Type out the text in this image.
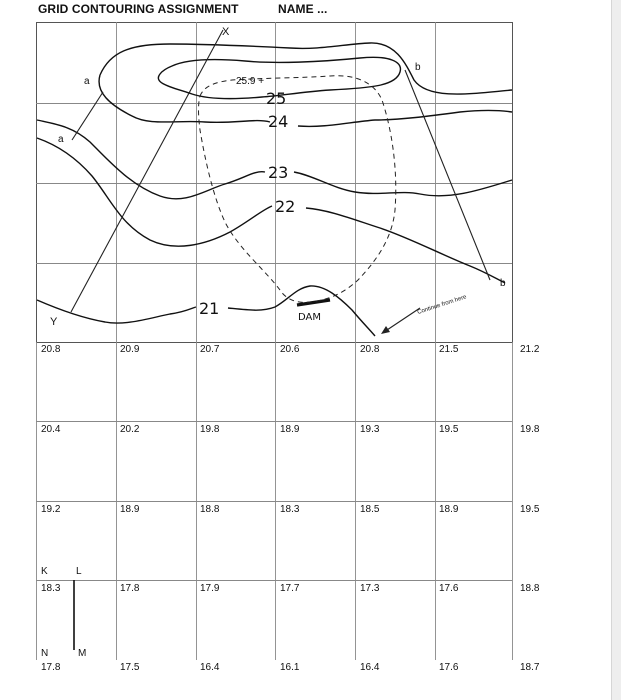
GRID CONTOURING ASSIGNMENT	NAME ...
X
Y
a
a
b
b
25.9 +
25
24
23
22
21	DAM
Continue from here
20.8	20.9	20.7	20.6	20.8	21.5	21.2
20.4	20.2	19.8	18.9	19.3	19.5	19.8
19.2	18.9	18.8	18.3	18.5	18.9	19.5
18.3	17.8	17.9	17.7	17.3	17.6	18.8
17.8	17.5	16.4	16.1	16.4	17.6	18.7
K	L
N	M
